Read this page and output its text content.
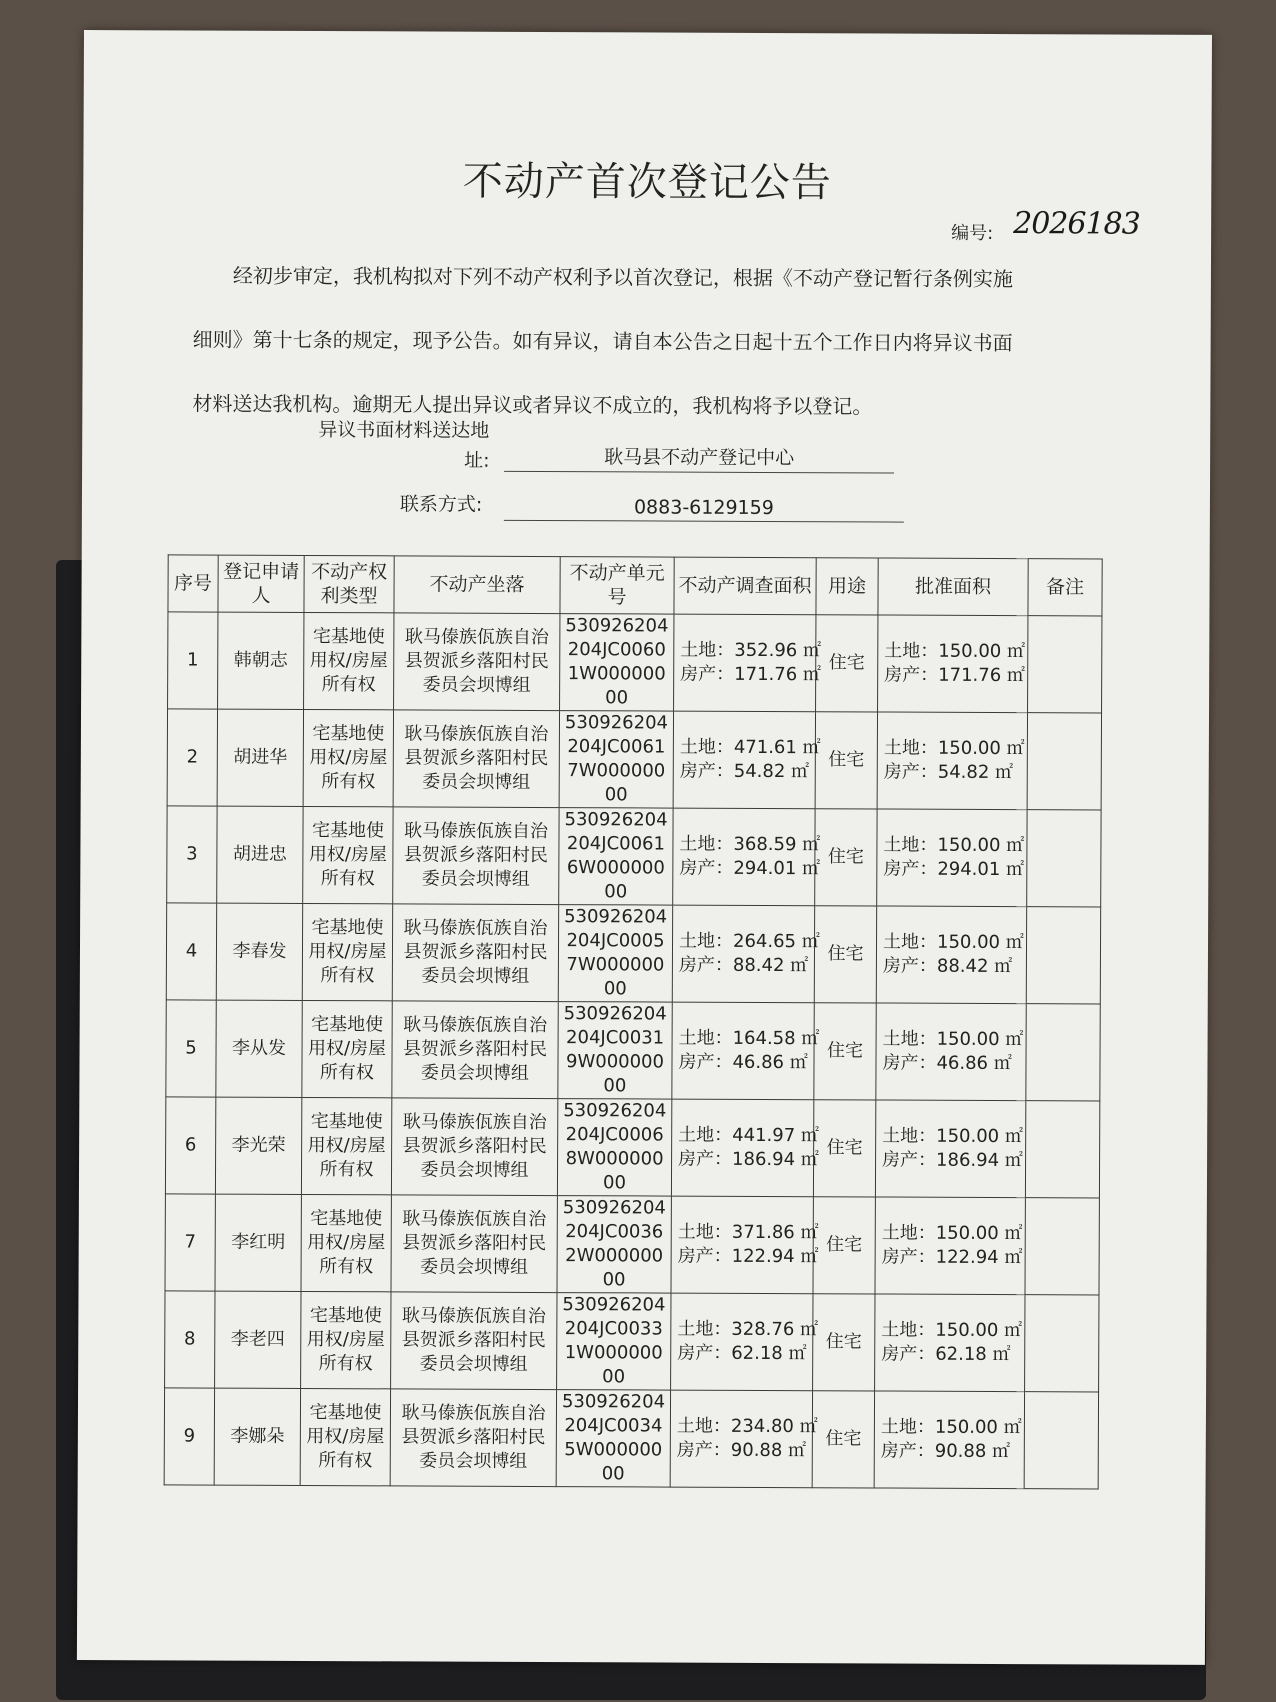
不动产首次登记公告
编号: 2026183
经初步审定，我机构拟对下列不动产权利予以首次登记，根据《不动产登记暂行条例实施
细则》第十七条的规定，现予公告。如有异议，请自本公告之日起十五个工作日内将异议书面
材料送达我机构。逾期无人提出异议或者异议不成立的，我机构将予以登记。
异议书面材料送达地
址:	耿马县不动产登记中心
联系方式:	0883-6129159
序号	登记申请人	不动产权利类型	不动产坐落	不动产单元号	不动产调查面积	用途	批准面积	备注
1	韩朝志	宅基地使用权/房屋所有权	耿马傣族佤族自治县贺派乡落阳村民委员会坝博组	530926204204JC00601W00000000	土地：352.96 ㎡
房产：171.76 ㎡	住宅	土地：150.00 ㎡
房产：171.76 ㎡	

2	胡进华	宅基地使用权/房屋所有权	耿马傣族佤族自治县贺派乡落阳村民委员会坝博组	530926204204JC00617W00000000	土地：471.61 ㎡
房产：54.82 ㎡	住宅	土地：150.00 ㎡
房产：54.82 ㎡	

3	胡进忠	宅基地使用权/房屋所有权	耿马傣族佤族自治县贺派乡落阳村民委员会坝博组	530926204204JC00616W00000000	土地：368.59 ㎡
房产：294.01 ㎡	住宅	土地：150.00 ㎡
房产：294.01 ㎡	

4	李春发	宅基地使用权/房屋所有权	耿马傣族佤族自治县贺派乡落阳村民委员会坝博组	530926204204JC00057W00000000	土地：264.65 ㎡
房产：88.42 ㎡	住宅	土地：150.00 ㎡
房产：88.42 ㎡	

5	李从发	宅基地使用权/房屋所有权	耿马傣族佤族自治县贺派乡落阳村民委员会坝博组	530926204204JC00319W00000000	土地：164.58 ㎡
房产：46.86 ㎡	住宅	土地：150.00 ㎡
房产：46.86 ㎡	

6	李光荣	宅基地使用权/房屋所有权	耿马傣族佤族自治县贺派乡落阳村民委员会坝博组	530926204204JC00068W00000000	土地：441.97 ㎡
房产：186.94 ㎡	住宅	土地：150.00 ㎡
房产：186.94 ㎡	

7	李红明	宅基地使用权/房屋所有权	耿马傣族佤族自治县贺派乡落阳村民委员会坝博组	530926204204JC00362W00000000	土地：371.86 ㎡
房产：122.94 ㎡	住宅	土地：150.00 ㎡
房产：122.94 ㎡	

8	李老四	宅基地使用权/房屋所有权	耿马傣族佤族自治县贺派乡落阳村民委员会坝博组	530926204204JC00331W00000000	土地：328.76 ㎡
房产：62.18 ㎡	住宅	土地：150.00 ㎡
房产：62.18 ㎡	

9	李娜朵	宅基地使用权/房屋所有权	耿马傣族佤族自治县贺派乡落阳村民委员会坝博组	530926204204JC00345W00000000	土地：234.80 ㎡
房产：90.88 ㎡	住宅	土地：150.00 ㎡
房产：90.88 ㎡	
